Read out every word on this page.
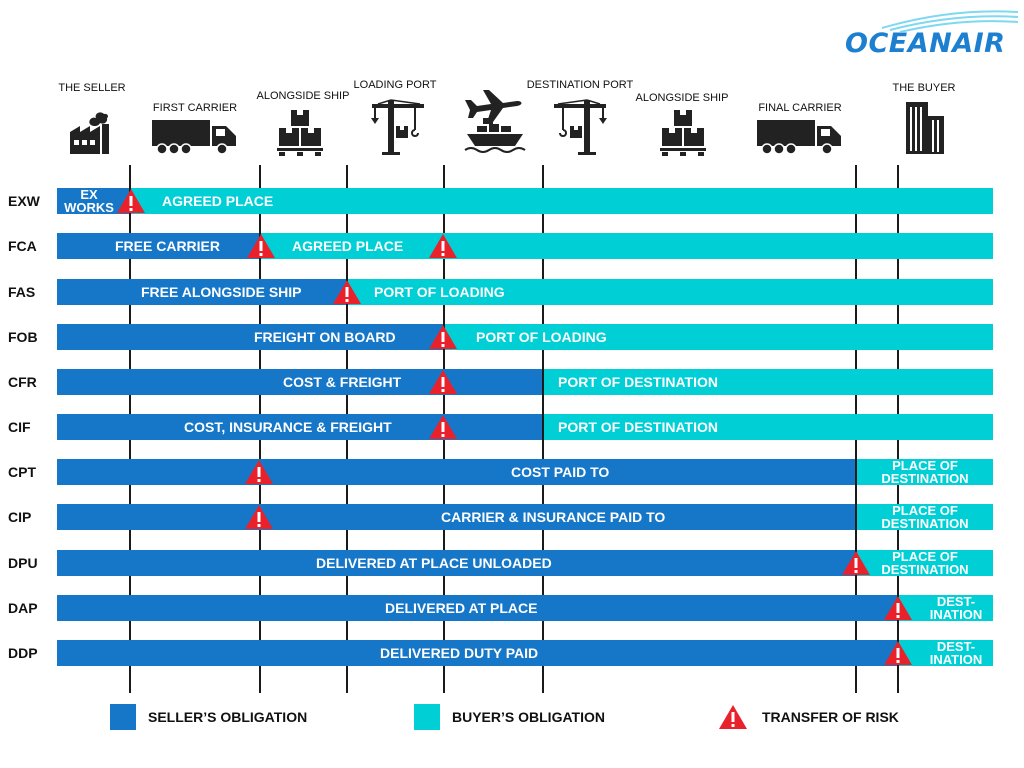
OCEANAIR
THE SELLER
FIRST CARRIER
ALONGSIDE SHIP
LOADING PORT	DESTINATION PORT
ALONGSIDE SHIP
FINAL CARRIER
THE BUYER
EXW	EX WORKS	AGREED PLACE
FCA	FREE CARRIER	AGREED PLACE
FAS	FREE ALONGSIDE SHIP	PORT OF LOADING
FOB	FREIGHT ON BOARD	PORT OF LOADING
CFR	COST & FREIGHT	PORT OF DESTINATION
CIF	COST, INSURANCE & FREIGHT	PORT OF DESTINATION
CPT	COST PAID TO	PLACE OF DESTINATION
CIP	CARRIER & INSURANCE PAID TO	PLACE OF DESTINATION
DPU	DELIVERED AT PLACE UNLOADED	PLACE OF DESTINATION
DAP	DELIVERED AT PLACE	DEST- INATION
DDP	DELIVERED DUTY PAID	DEST- INATION
SELLER’S OBLIGATION	BUYER’S OBLIGATION	TRANSFER OF RISK
